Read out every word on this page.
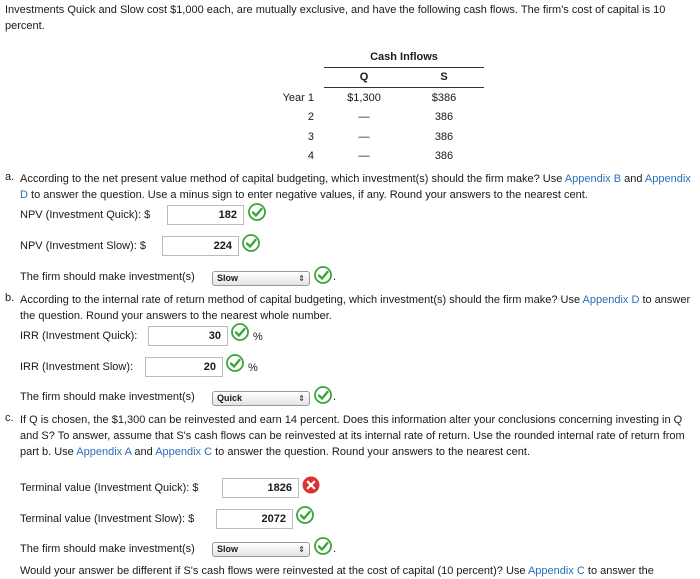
Investments Quick and Slow cost $1,000 each, are mutually exclusive, and have the following cash flows. The firm's cost of capital is 10 percent.
	Cash Inflows	
	Q	S
Year 1	$1,300	$386
2	—	386
3	—	386
4	—	386
a. According to the net present value method of capital budgeting, which investment(s) should the firm make? Use Appendix B and Appendix D to answer the question. Use a minus sign to enter negative values, if any. Round your answers to the nearest cent.
NPV (Investment Quick): $	182
NPV (Investment Slow): $	224
The firm should make investment(s)	Slow	⇕	.
b. According to the internal rate of return method of capital budgeting, which investment(s) should the firm make? Use Appendix D to answer the question. Round your answers to the nearest whole number.
IRR (Investment Quick):	30	%
IRR (Investment Slow):	20	%
The firm should make investment(s)	Quick	⇕	.
c. If Q is chosen, the $1,300 can be reinvested and earn 14 percent. Does this information alter your conclusions concerning investing in Q and S? To answer, assume that S's cash flows can be reinvested at its internal rate of return. Use the rounded internal rate of return from part b. Use Appendix A and Appendix C to answer the question. Round your answers to the nearest cent.
Terminal value (Investment Quick): $	1826
Terminal value (Investment Slow): $	2072
The firm should make investment(s)	Slow	⇕	.
Would your answer be different if S's cash flows were reinvested at the cost of capital (10 percent)? Use Appendix C to answer the
